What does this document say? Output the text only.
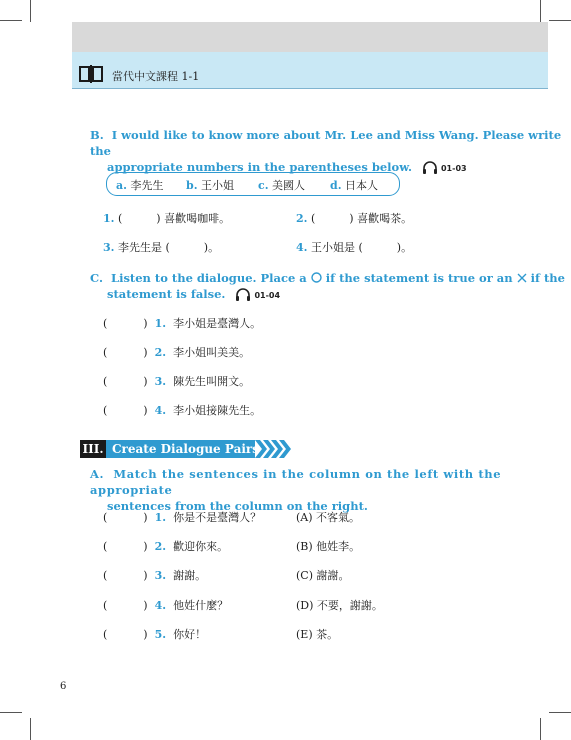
當代中文課程 1-1
B. I would like to know more about Mr. Lee and Miss Wang. Please write the
appropriate numbers in the parentheses below.	01-03
a. 李先生 b. 王小姐 c. 美國人 d. 日本人
1. (	) 喜歡喝咖啡。	2. (	) 喜歡喝茶。
3. 李先生是 (	)。	4. 王小姐是 (	)。
C. Listen to the dialogue. Place a if the statement is true or an if the
statement is false.	01-04
(	) 1. 李小姐是臺灣人。
(	) 2. 李小姐叫美美。
(	) 3. 陳先生叫開文。
(	) 4. 李小姐接陳先生。
III. Create Dialogue Pairs
A. Match the sentences in the column on the left with the appropriate
sentences from the column on the right.
(	) 1. 你是不是臺灣人？	(A) 不客氣。
(	) 2. 歡迎你來。	(B) 他姓李。
(	) 3. 謝謝。	(C) 謝謝。
(	) 4. 他姓什麼？	(D) 不要，謝謝。
(	) 5. 你好！	(E) 茶。
6
